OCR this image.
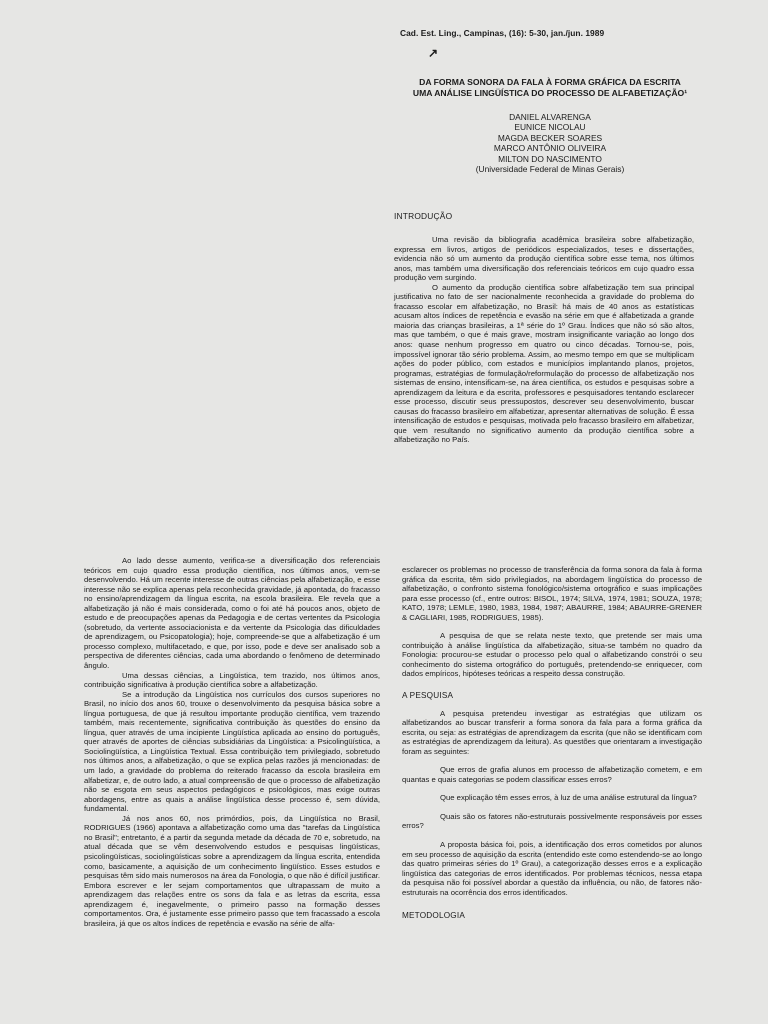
Cad. Est. Ling., Campinas, (16): 5-30, jan./jun. 1989
↗
DA FORMA SONORA DA FALA À FORMA GRÁFICA DA ESCRITA
UMA ANÁLISE LINGÜÍSTICA DO PROCESSO DE ALFABETIZAÇÃO¹
DANIEL ALVARENGA
EUNICE NICOLAU
MAGDA BECKER SOARES
MARCO ANTÔNIO OLIVEIRA
MILTON DO NASCIMENTO
(Universidade Federal de Minas Gerais)
INTRODUÇÃO

Uma revisão da bibliografia acadêmica brasileira sobre alfabetização, expressa em livros, artigos de periódicos especializados, teses e dissertações, evidencia não só um aumento da produção científica sobre esse tema, nos últimos anos, mas também uma diversificação dos referenciais teóricos em cujo quadro essa produção vem surgindo.

O aumento da produção científica sobre alfabetização tem sua principal justificativa no fato de ser nacionalmente reconhecida a gravidade do problema do fracasso escolar em alfabetização, no Brasil: há mais de 40 anos as estatísticas acusam altos índices de repetência e evasão na série em que é alfabetizada a grande maioria das crianças brasileiras, a 1ª série do 1º Grau. Índices que não só são altos, mas que também, o que é mais grave, mostram insignificante variação ao longo dos anos: quase nenhum progresso em quatro ou cinco décadas. Tornou-se, pois, impossível ignorar tão sério problema. Assim, ao mesmo tempo em que se multiplicam ações do poder público, com estados e municípios implantando planos, projetos, programas, estratégias de formulação/reformulação do processo de alfabetização nos sistemas de ensino, intensificam-se, na área científica, os estudos e pesquisas sobre a aprendizagem da leitura e da escrita, professores e pesquisadores tentando esclarecer esse processo, discutir seus pressupostos, descrever seu desenvolvimento, buscar causas do fracasso brasileiro em alfabetizar, apresentar alternativas de solução. É essa intensificação de estudos e pesquisas, motivada pelo fracasso brasileiro em alfabetizar, que vem resultando no significativo aumento da produção científica sobre a alfabetização no País.

Ao lado desse aumento, verifica-se a diversificação dos referenciais teóricos em cujo quadro essa produção científica, nos últimos anos, vem-se desenvolvendo. Há um recente interesse de outras ciências pela alfabetização, e esse interesse não se explica apenas pela reconhecida gravidade, já apontada, do fracasso no ensino/aprendizagem da língua escrita, na escola brasileira. Ele revela que a alfabetização já não é mais considerada, como o foi até há poucos anos, objeto de estudo e de preocupações apenas da Pedagogia e de certas vertentes da Psicologia (sobretudo, da vertente associacionista e da vertente da Psicologia das dificuldades de aprendizagem, ou Psicopatologia); hoje, compreende-se que a alfabetização é um processo complexo, multifacetado, e que, por isso, pode e deve ser analisado sob a perspectiva de diferentes ciências, cada uma abordando o fenômeno de determinado ângulo.

Uma dessas ciências, a Lingüística, tem trazido, nos últimos anos, contribuição significativa à produção científica sobre a alfabetização.

Se a introdução da Lingüística nos currículos dos cursos superiores no Brasil, no início dos anos 60, trouxe o desenvolvimento da pesquisa básica sobre a língua portuguesa, de que já resultou importante produção científica, vem trazendo também, mais recentemente, significativa contribuição às questões do ensino da língua, quer através de uma incipiente Lingüística aplicada ao ensino do português, quer através de aportes de ciências subsidiárias da Lingüística: a Psicolingüística, a Sociolingüística, a Lingüística Textual. Essa contribuição tem privilegiado, sobretudo nos últimos anos, a alfabetização, o que se explica pelas razões já mencionadas: de um lado, a gravidade do problema do reiterado fracasso da escola brasileira em alfabetizar, e, de outro lado, a atual compreensão de que o processo de alfabetização não se esgota em seus aspectos pedagógicos e psicológicos, mas exige outras abordagens, entre as quais a análise lingüística desse processo é, sem dúvida, fundamental.

Já nos anos 60, nos primórdios, pois, da Lingüística no Brasil, RODRIGUES (1966) apontava a alfabetização como uma das "tarefas da Lingüística no Brasil"; entretanto, é a partir da segunda metade da década de 70 e, sobretudo, na atual década que se vêm desenvolvendo estudos e pesquisas lingüísticas, psicolingüísticas, sociolingüísticas sobre a aprendizagem da língua escrita, entendida como, basicamente, a aquisição de um conhecimento lingüístico. Esses estudos e pesquisas têm sido mais numerosos na área da Fonologia, o que não é difícil justificar. Embora escrever e ler sejam comportamentos que ultrapassam de muito a aprendizagem das relações entre os sons da fala e as letras da escrita, essa aprendizagem é, inegavelmente, o primeiro passo na formação desses comportamentos. Ora, é justamente esse primeiro passo que tem fracassado a escola brasileira, já que os altos índices de repetência e evasão na série de alfa-

esclarecer os problemas no processo de transferência da forma sonora da fala à forma gráfica da escrita, têm sido privilegiados, na abordagem lingüística do processo de alfabetização, o confronto sistema fonológico/sistema ortográfico e suas implicações para esse processo (cf., entre outros: BISOL, 1974; SILVA, 1974, 1981; SOUZA, 1978; KATO, 1978; LEMLE, 1980, 1983, 1984, 1987; ABAURRE, 1984; ABAURRE-GRENER & CAGLIARI, 1985, RODRIGUES, 1985).

A pesquisa de que se relata neste texto, que pretende ser mais uma contribuição à análise lingüística da alfabetização, situa-se também no quadro da Fonologia: procurou-se estudar o processo pelo qual o alfabetizando constrói o seu conhecimento do sistema ortográfico do português, pretendendo-se enriquecer, com dados empíricos, hipóteses teóricas a respeito dessa construção.

A PESQUISA

A pesquisa pretendeu investigar as estratégias que utilizam os alfabetizandos ao buscar transferir a forma sonora da fala para a forma gráfica da escrita, ou seja: as estratégias de aprendizagem da escrita (que não se identificam com as estratégias de aprendizagem da leitura). As questões que orientaram a investigação foram as seguintes:

Que erros de grafia alunos em processo de alfabetização cometem, e em quantas e quais categorias se podem classificar esses erros?

Que explicação têm esses erros, à luz de uma análise estrutural da língua?

Quais são os fatores não-estruturais possivelmente responsáveis por esses erros?

A proposta básica foi, pois, a identificação dos erros cometidos por alunos em seu processo de aquisição da escrita (entendido este como estendendo-se ao longo das quatro primeiras séries do 1º Grau), a categorização desses erros e a explicação lingüística das categorias de erros identificados. Por problemas técnicos, nessa etapa da pesquisa não foi possível abordar a questão da influência, ou não, de fatores não-estruturais na ocorrência dos erros identificados.

METODOLOGIA
